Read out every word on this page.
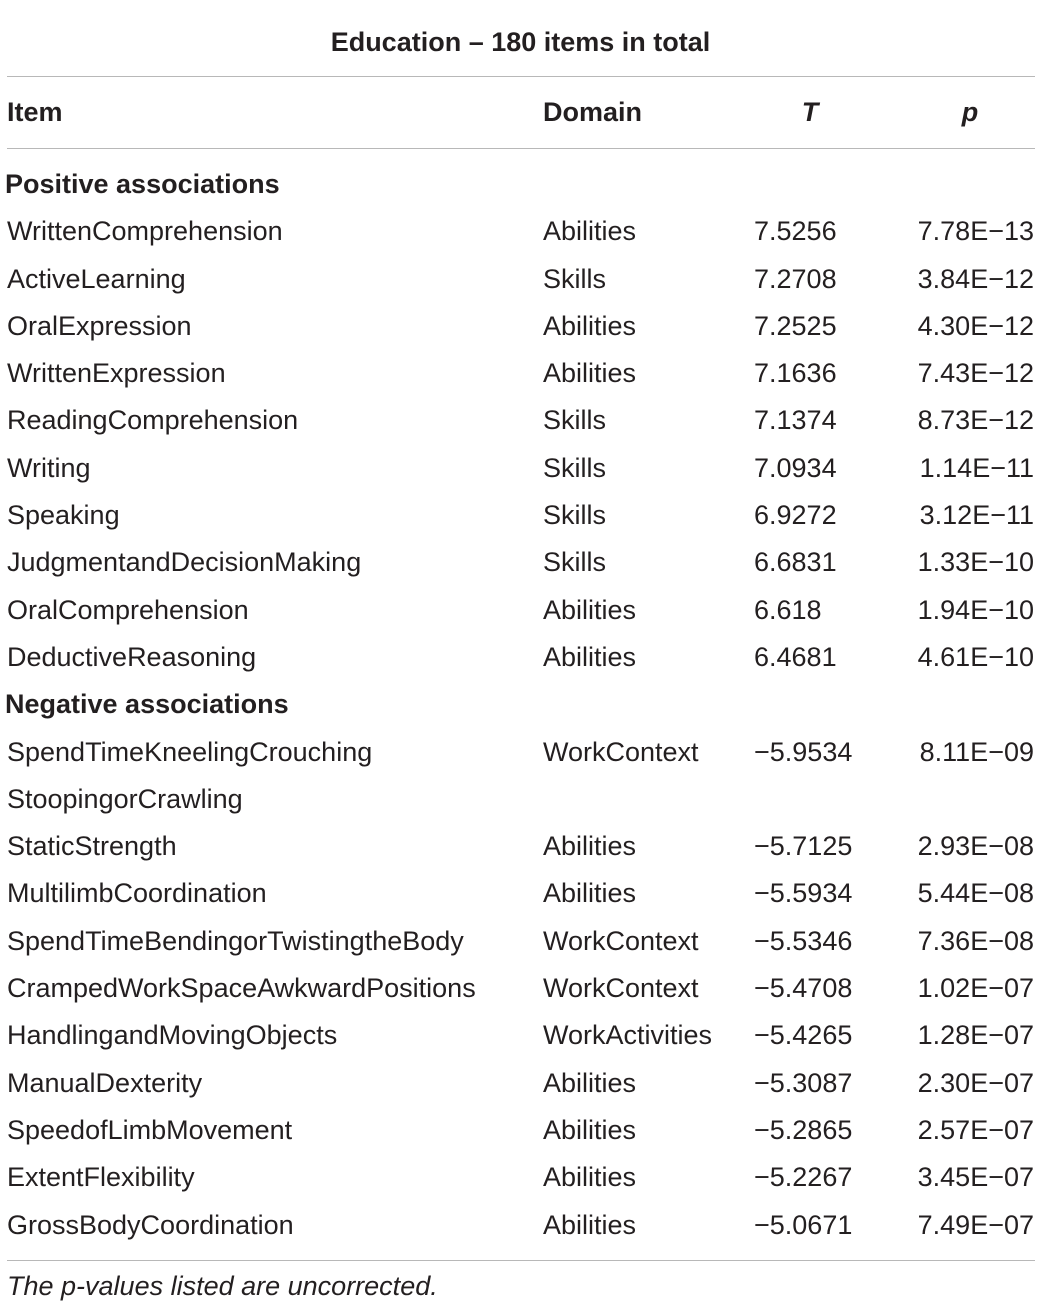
Education – 180 items in total
Item	Domain	T	p
Positive associations
WrittenComprehension	Abilities	7.5256	7.78E−13
ActiveLearning	Skills	7.2708	3.84E−12
OralExpression	Abilities	7.2525	4.30E−12
WrittenExpression	Abilities	7.1636	7.43E−12
ReadingComprehension	Skills	7.1374	8.73E−12
Writing	Skills	7.0934	1.14E−11
Speaking	Skills	6.9272	3.12E−11
JudgmentandDecisionMaking	Skills	6.6831	1.33E−10
OralComprehension	Abilities	6.618	1.94E−10
DeductiveReasoning	Abilities	6.4681	4.61E−10
Negative associations
SpendTimeKneelingCrouching	WorkContext	−5.9534	8.11E−09
StoopingorCrawling
StaticStrength	Abilities	−5.7125	2.93E−08
MultilimbCoordination	Abilities	−5.5934	5.44E−08
SpendTimeBendingorTwistingtheBody	WorkContext	−5.5346	7.36E−08
CrampedWorkSpaceAwkwardPositions WorkContext	−5.4708	1.02E−07
HandlingandMovingObjects	WorkActivities	−5.4265	1.28E−07
ManualDexterity	Abilities	−5.3087	2.30E−07
SpeedofLimbMovement	Abilities	−5.2865	2.57E−07
ExtentFlexibility	Abilities	−5.2267	3.45E−07
GrossBodyCoordination	Abilities	−5.0671	7.49E−07
The p-values listed are uncorrected.
